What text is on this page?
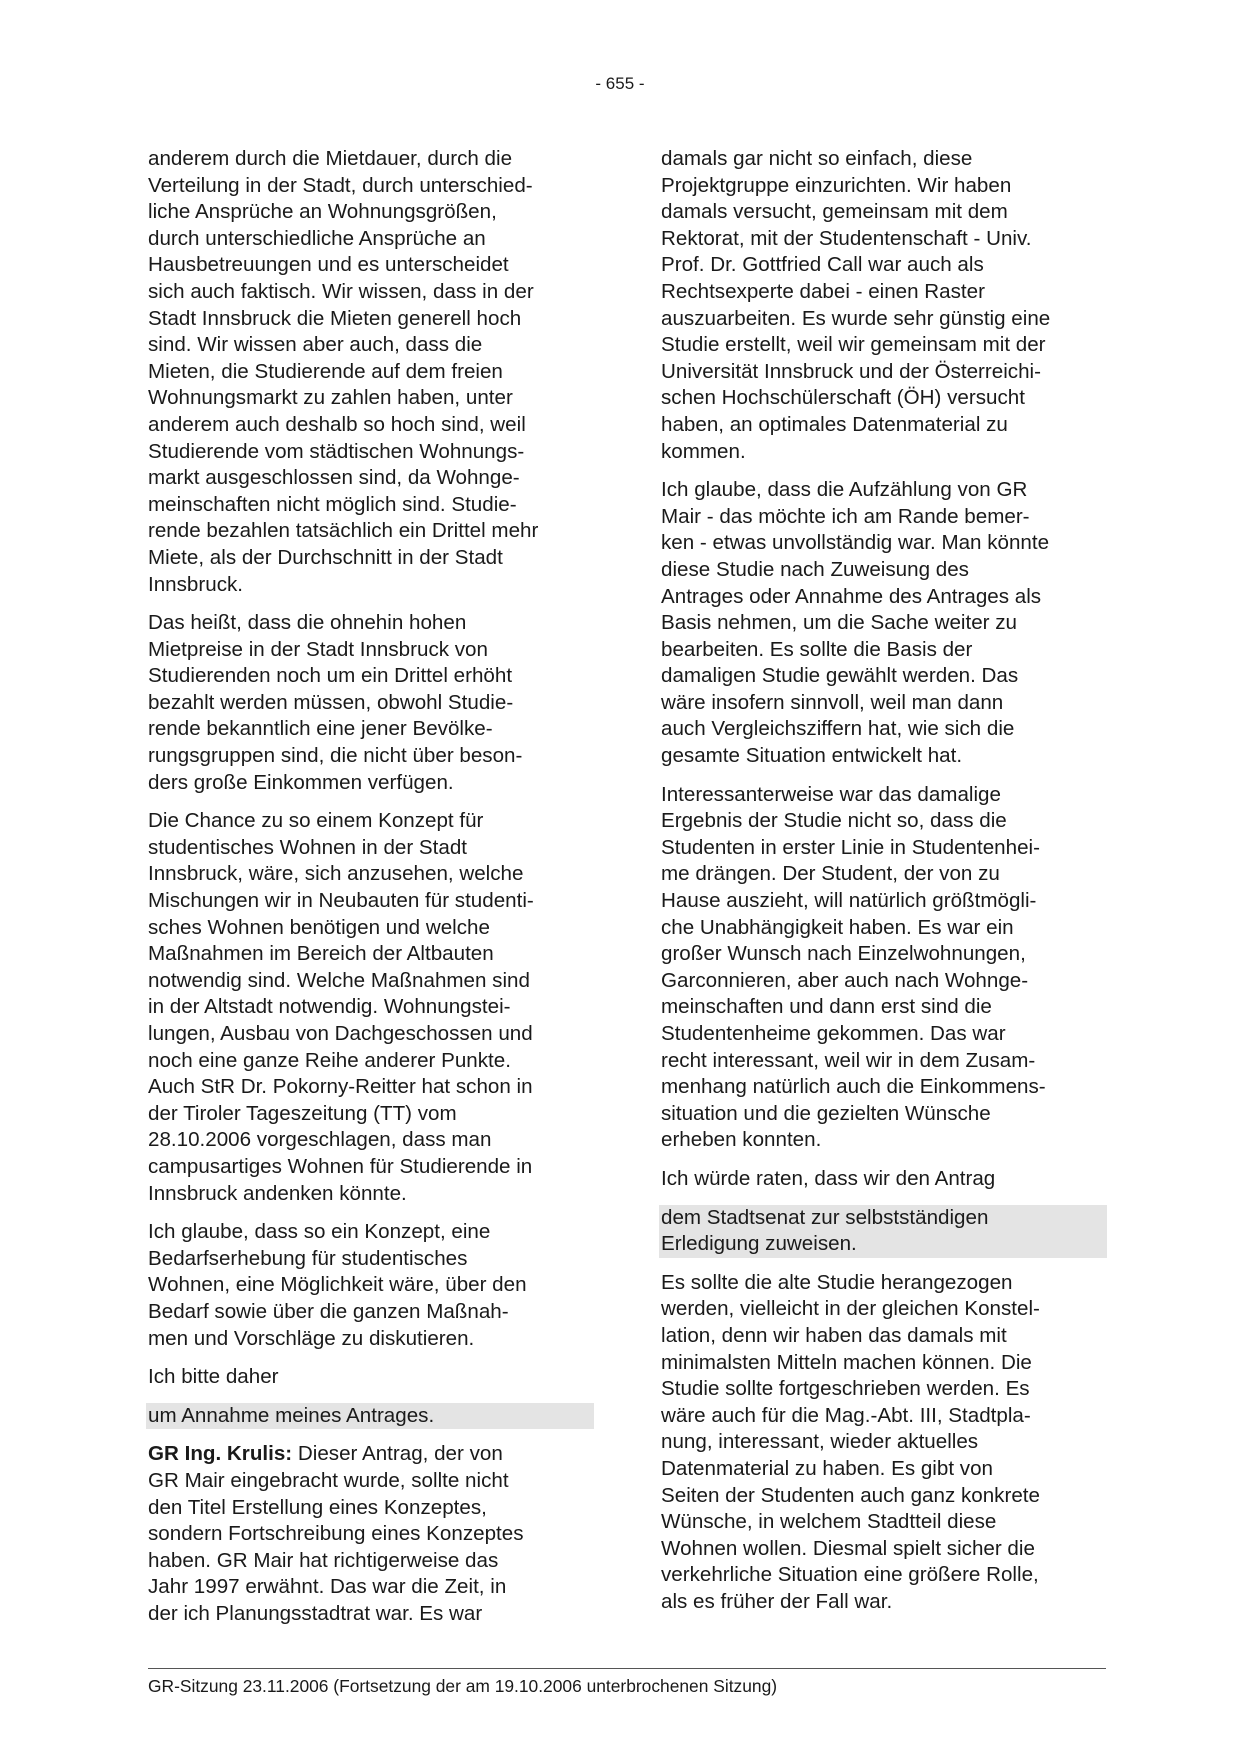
- 655 -

anderem durch die Mietdauer, durch die
Verteilung in der Stadt, durch unterschied-
liche Ansprüche an Wohnungsgrößen,
durch unterschiedliche Ansprüche an
Hausbetreuungen und es unterscheidet
sich auch faktisch. Wir wissen, dass in der
Stadt Innsbruck die Mieten generell hoch
sind. Wir wissen aber auch, dass die
Mieten, die Studierende auf dem freien
Wohnungsmarkt zu zahlen haben, unter
anderem auch deshalb so hoch sind, weil
Studierende vom städtischen Wohnungs-
markt ausgeschlossen sind, da Wohnge-
meinschaften nicht möglich sind. Studie-
rende bezahlen tatsächlich ein Drittel mehr
Miete, als der Durchschnitt in der Stadt
Innsbruck.

Das heißt, dass die ohnehin hohen
Mietpreise in der Stadt Innsbruck von
Studierenden noch um ein Drittel erhöht
bezahlt werden müssen, obwohl Studie-
rende bekanntlich eine jener Bevölke-
rungsgruppen sind, die nicht über beson-
ders große Einkommen verfügen.

Die Chance zu so einem Konzept für
studentisches Wohnen in der Stadt
Innsbruck, wäre, sich anzusehen, welche
Mischungen wir in Neubauten für studenti-
sches Wohnen benötigen und welche
Maßnahmen im Bereich der Altbauten
notwendig sind. Welche Maßnahmen sind
in der Altstadt notwendig. Wohnungstei-
lungen, Ausbau von Dachgeschossen und
noch eine ganze Reihe anderer Punkte.
Auch StR Dr. Pokorny-Reitter hat schon in
der Tiroler Tageszeitung (TT) vom
28.10.2006 vorgeschlagen, dass man
campusartiges Wohnen für Studierende in
Innsbruck andenken könnte.

Ich glaube, dass so ein Konzept, eine
Bedarfserhebung für studentisches
Wohnen, eine Möglichkeit wäre, über den
Bedarf sowie über die ganzen Maßnah-
men und Vorschläge zu diskutieren.

Ich bitte daher

um Annahme meines Antrages.

GR Ing. Krulis: Dieser Antrag, der von
GR Mair eingebracht wurde, sollte nicht
den Titel Erstellung eines Konzeptes,
sondern Fortschreibung eines Konzeptes
haben. GR Mair hat richtigerweise das
Jahr 1997 erwähnt. Das war die Zeit, in
der ich Planungsstadtrat war. Es war

damals gar nicht so einfach, diese
Projektgruppe einzurichten. Wir haben
damals versucht, gemeinsam mit dem
Rektorat, mit der Studentenschaft - Univ.
Prof. Dr. Gottfried Call war auch als
Rechtsexperte dabei - einen Raster
auszuarbeiten. Es wurde sehr günstig eine
Studie erstellt, weil wir gemeinsam mit der
Universität Innsbruck und der Österreichi-
schen Hochschülerschaft (ÖH) versucht
haben, an optimales Datenmaterial zu
kommen.

Ich glaube, dass die Aufzählung von GR
Mair - das möchte ich am Rande bemer-
ken - etwas unvollständig war. Man könnte
diese Studie nach Zuweisung des
Antrages oder Annahme des Antrages als
Basis nehmen, um die Sache weiter zu
bearbeiten. Es sollte die Basis der
damaligen Studie gewählt werden. Das
wäre insofern sinnvoll, weil man dann
auch Vergleichsziffern hat, wie sich die
gesamte Situation entwickelt hat.

Interessanterweise war das damalige
Ergebnis der Studie nicht so, dass die
Studenten in erster Linie in Studentenhei-
me drängen. Der Student, der von zu
Hause auszieht, will natürlich größtmögli-
che Unabhängigkeit haben. Es war ein
großer Wunsch nach Einzelwohnungen,
Garconnieren, aber auch nach Wohnge-
meinschaften und dann erst sind die
Studentenheime gekommen. Das war
recht interessant, weil wir in dem Zusam-
menhang natürlich auch die Einkommens-
situation und die gezielten Wünsche
erheben konnten.

Ich würde raten, dass wir den Antrag

dem Stadtsenat zur selbstständigen
Erledigung zuweisen.

Es sollte die alte Studie herangezogen
werden, vielleicht in der gleichen Konstel-
lation, denn wir haben das damals mit
minimalsten Mitteln machen können. Die
Studie sollte fortgeschrieben werden. Es
wäre auch für die Mag.-Abt. III, Stadtpla-
nung, interessant, wieder aktuelles
Datenmaterial zu haben. Es gibt von
Seiten der Studenten auch ganz konkrete
Wünsche, in welchem Stadtteil diese
Wohnen wollen. Diesmal spielt sicher die
verkehrliche Situation eine größere Rolle,
als es früher der Fall war.

GR-Sitzung 23.11.2006 (Fortsetzung der am 19.10.2006 unterbrochenen Sitzung)
